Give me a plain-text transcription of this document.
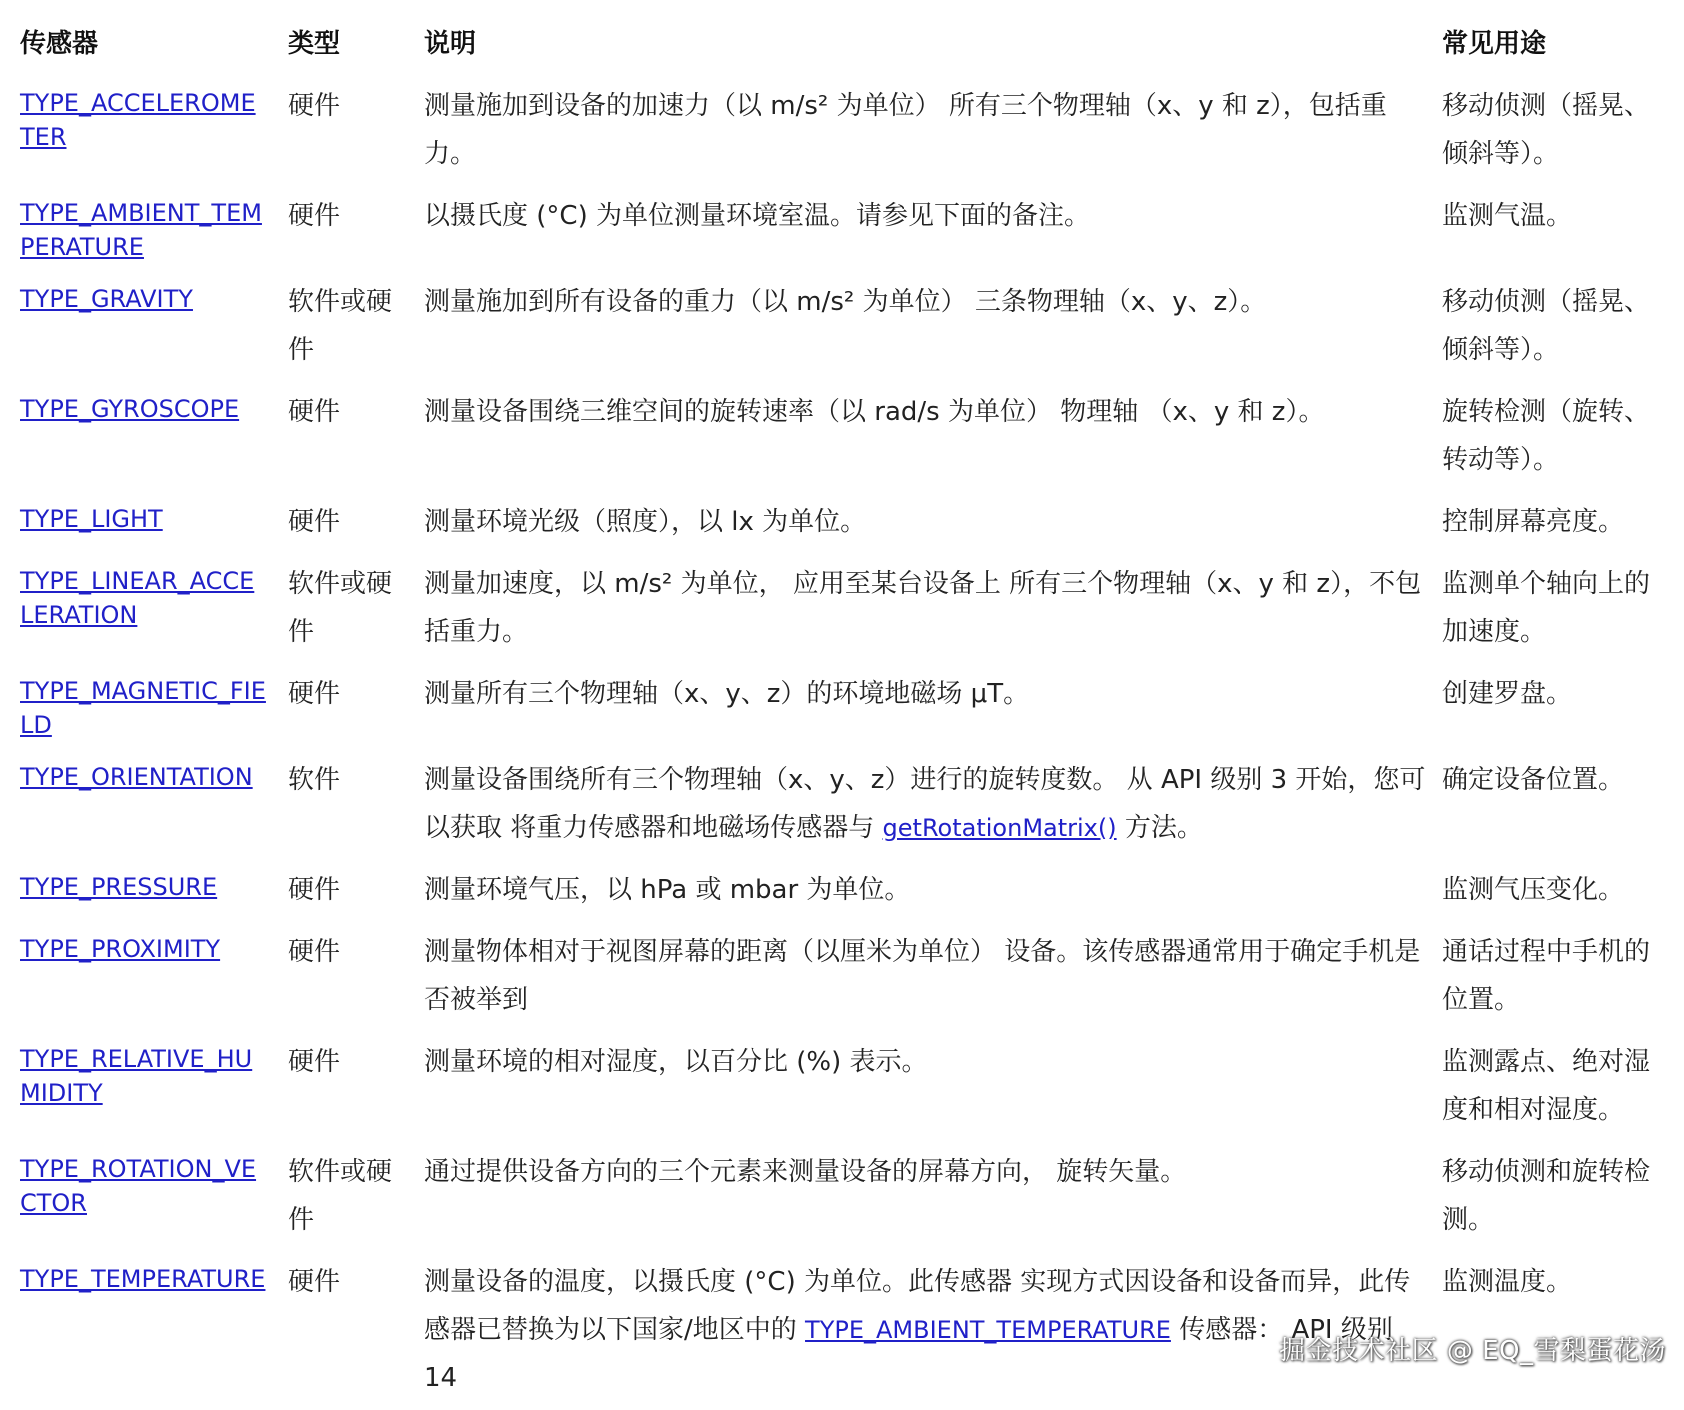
传感器	类型	说明	常见用途
TYPE_ACCELEROMETER	硬件	测量施加到设备的加速力（以 m/s² 为单位） 所有三个物理轴（x、y 和 z），包括重力。	移动侦测（摇晃、倾斜等）。
TYPE_AMBIENT_TEMPERATURE	硬件	以摄氏度 (°C) 为单位测量环境室温。请参见下面的备注。	监测气温。
TYPE_GRAVITY	软件或硬件	测量施加到所有设备的重力（以 m/s² 为单位） 三条物理轴（x、y、z）。	移动侦测（摇晃、倾斜等）。
TYPE_GYROSCOPE	硬件	测量设备围绕三维空间的旋转速率（以 rad/s 为单位） 物理轴 （x、y 和 z）。	旋转检测（旋转、转动等）。
TYPE_LIGHT	硬件	测量环境光级（照度），以 lx 为单位。	控制屏幕亮度。
TYPE_LINEAR_ACCELERATION	软件或硬件	测量加速度，以 m/s² 为单位， 应用至某台设备上 所有三个物理轴（x、y 和 z），不包括重力。	监测单个轴向上的加速度。
TYPE_MAGNETIC_FIELD	硬件	测量所有三个物理轴（x、y、z）的环境地磁场 μT。	创建罗盘。
TYPE_ORIENTATION	软件	测量设备围绕所有三个物理轴（x、y、z）进行的旋转度数。 从 API 级别 3 开始，您可以获取 将重力传感器和地磁场传感器与 getRotationMatrix() 方法。	确定设备位置。
TYPE_PRESSURE	硬件	测量环境气压，以 hPa 或 mbar 为单位。	监测气压变化。
TYPE_PROXIMITY	硬件	测量物体相对于视图屏幕的距离（以厘米为单位） 设备。该传感器通常用于确定手机是否被举到	通话过程中手机的位置。
TYPE_RELATIVE_HUMIDITY	硬件	测量环境的相对湿度，以百分比 (%) 表示。	监测露点、绝对湿度和相对湿度。
TYPE_ROTATION_VECTOR	软件或硬件	通过提供设备方向的三个元素来测量设备的屏幕方向， 旋转矢量。	移动侦测和旋转检测。
TYPE_TEMPERATURE	硬件	测量设备的温度，以摄氏度 (°C) 为单位。此传感器 实现方式因设备和设备而异，此传感器已替换为以下国家/地区中的 TYPE_AMBIENT_TEMPERATURE 传感器： API 级别 14	监测温度。
掘金技术社区 @ EQ_雪梨蛋花汤
